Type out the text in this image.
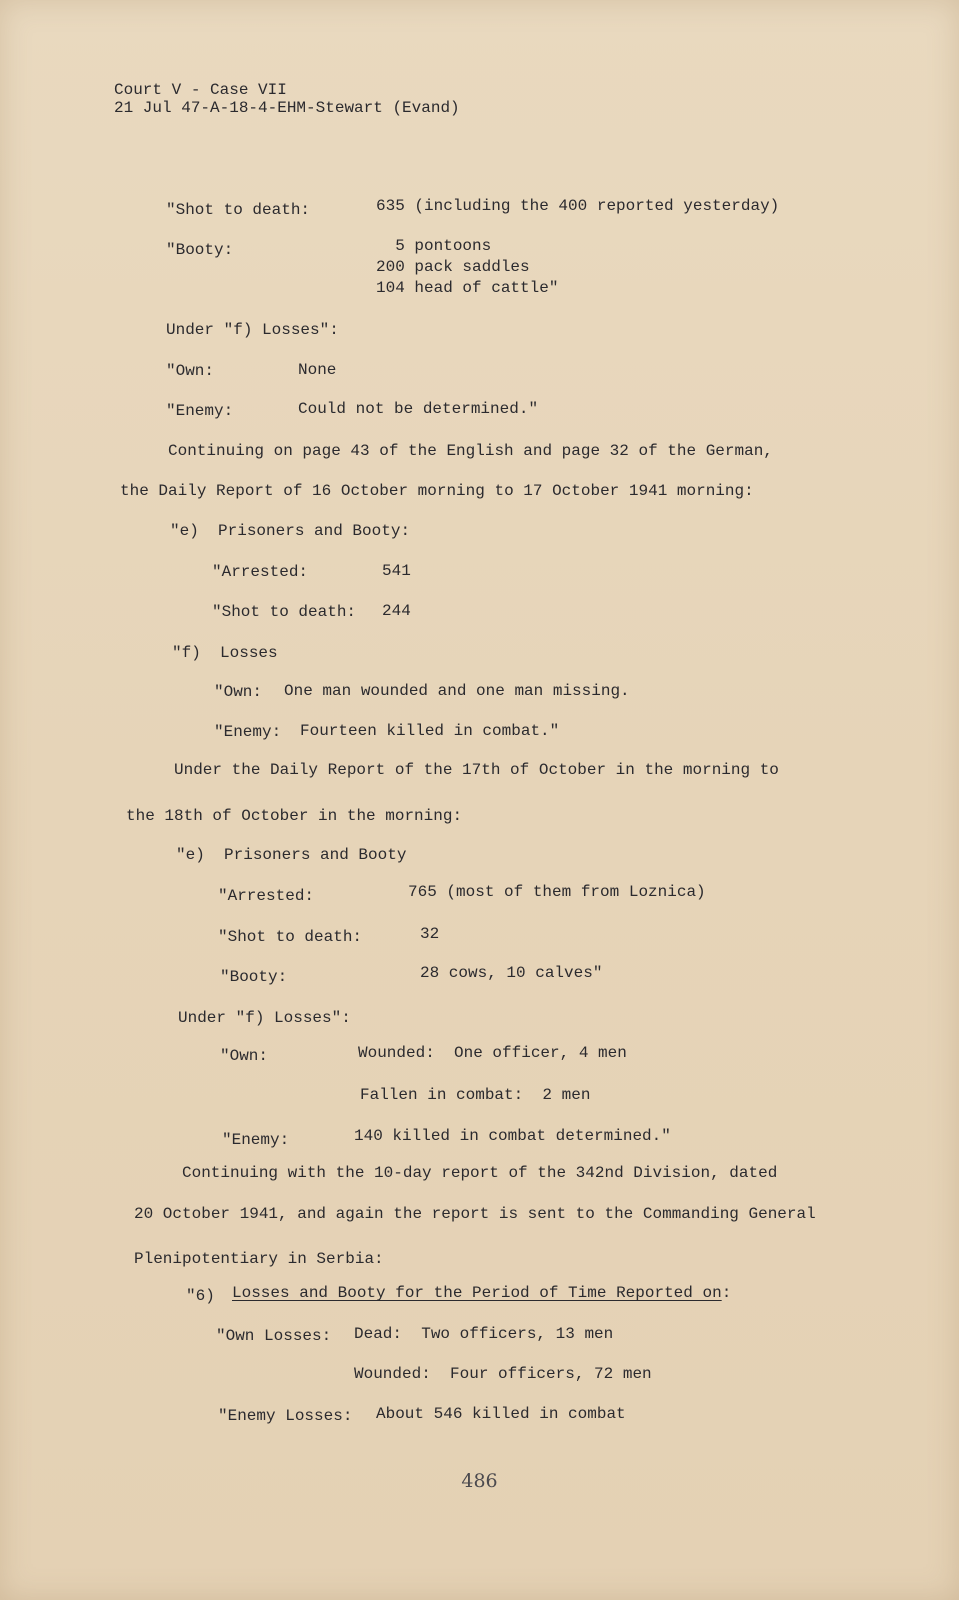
Court V - Case VII
21 Jul 47-A-18-4-EHM-Stewart (Evand)
"Shot to death:	635 (including the 400 reported yesterday)
"Booty:	5 pontoons
200 pack saddles
104 head of cattle"
Under "f) Losses":
"Own:	None
"Enemy:	Could not be determined."
Continuing on page 43 of the English and page 32 of the German,
the Daily Report of 16 October morning to 17 October 1941 morning:
"e)  Prisoners and Booty:
"Arrested:	541
"Shot to death: 244
"f)  Losses
"Own: One man wounded and one man missing.
"Enemy: Fourteen killed in combat."
Under the Daily Report of the 17th of October in the morning to
the 18th of October in the morning:
"e)  Prisoners and Booty
"Arrested:	765 (most of them from Loznica)
"Shot to death:	32
"Booty:	28 cows, 10 calves"
Under "f) Losses":
"Own:	Wounded:  One officer, 4 men
Fallen in combat:  2 men
"Enemy:	140 killed in combat determined."
Continuing with the 10-day report of the 342nd Division, dated
20 October 1941, and again the report is sent to the Commanding General
Plenipotentiary in Serbia:
"6) Losses and Booty for the Period of Time Reported on:
"Own Losses: Dead:  Two officers, 13 men
Wounded:  Four officers, 72 men
"Enemy Losses: About 546 killed in combat
486
